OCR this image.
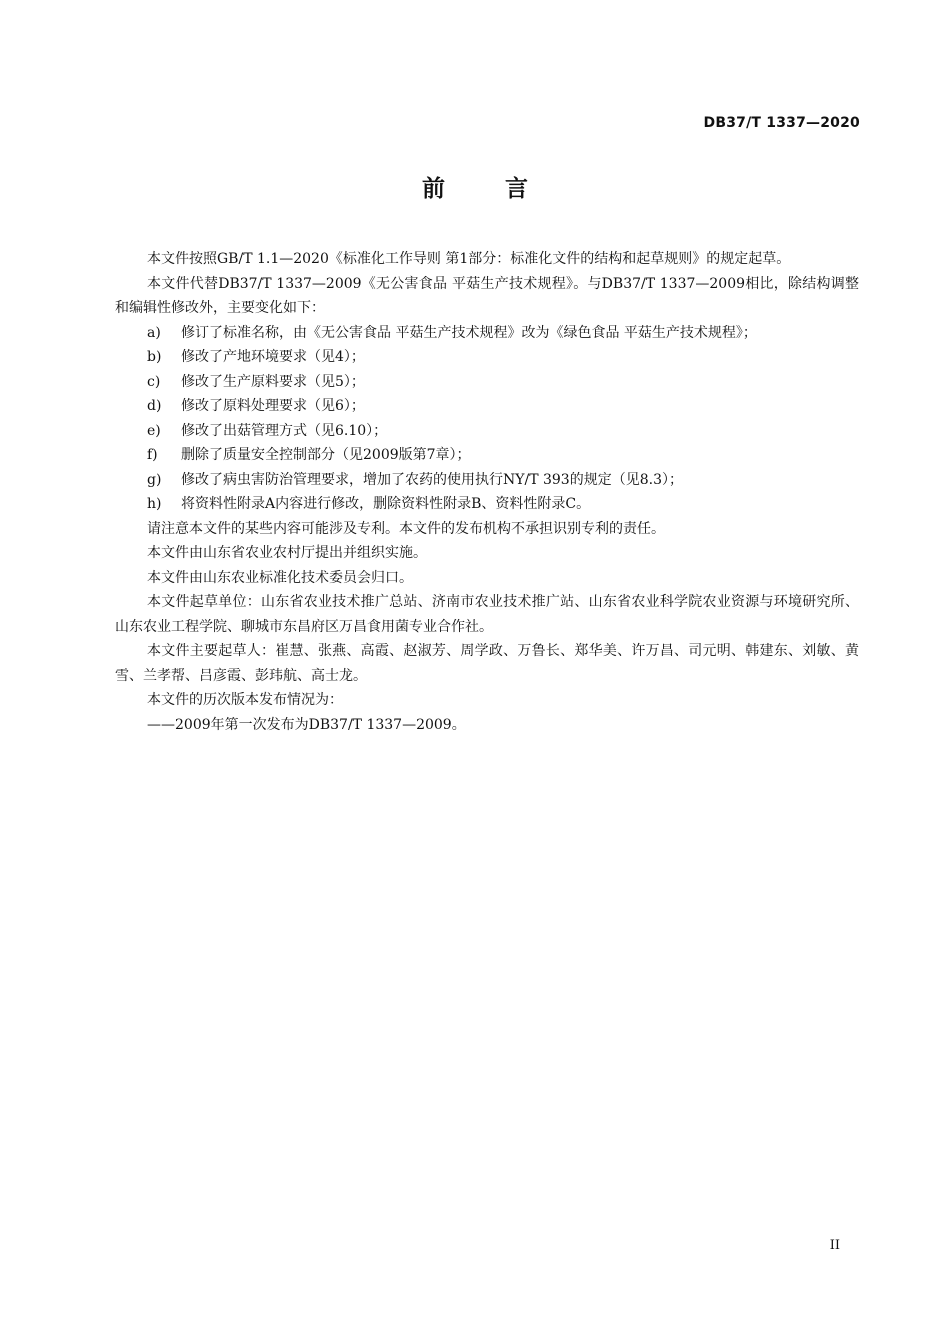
DB37/T 1337—2020
前 言

本文件按照GB/T 1.1—2020《标准化工作导则 第1部分：标准化文件的结构和起草规则》的规定起草。

本文件代替DB37/T 1337—2009《无公害食品 平菇生产技术规程》。与DB37/T 1337—2009相比，除结构调整和编辑性修改外，主要变化如下：

a)	修订了标准名称，由《无公害食品 平菇生产技术规程》改为《绿色食品 平菇生产技术规程》；
b)	修改了产地环境要求（见4）；
c)	修改了生产原料要求（见5）；
d)	修改了原料处理要求（见6）；
e)	修改了出菇管理方式（见6.10）；
f)	删除了质量安全控制部分（见2009版第7章）；
g)	修改了病虫害防治管理要求，增加了农药的使用执行NY/T 393的规定（见8.3）；
h)	将资料性附录A内容进行修改，删除资料性附录B、资料性附录C。

请注意本文件的某些内容可能涉及专利。本文件的发布机构不承担识别专利的责任。

本文件由山东省农业农村厅提出并组织实施。

本文件由山东农业标准化技术委员会归口。

本文件起草单位：山东省农业技术推广总站、济南市农业技术推广站、山东省农业科学院农业资源与环境研究所、山东农业工程学院、聊城市东昌府区万昌食用菌专业合作社。

本文件主要起草人：崔慧、张燕、高霞、赵淑芳、周学政、万鲁长、郑华美、许万昌、司元明、韩建东、刘敏、黄雪、兰孝帮、吕彦霞、彭玮航、高士龙。

本文件的历次版本发布情况为：

——2009年第一次发布为DB37/T 1337—2009。

II
